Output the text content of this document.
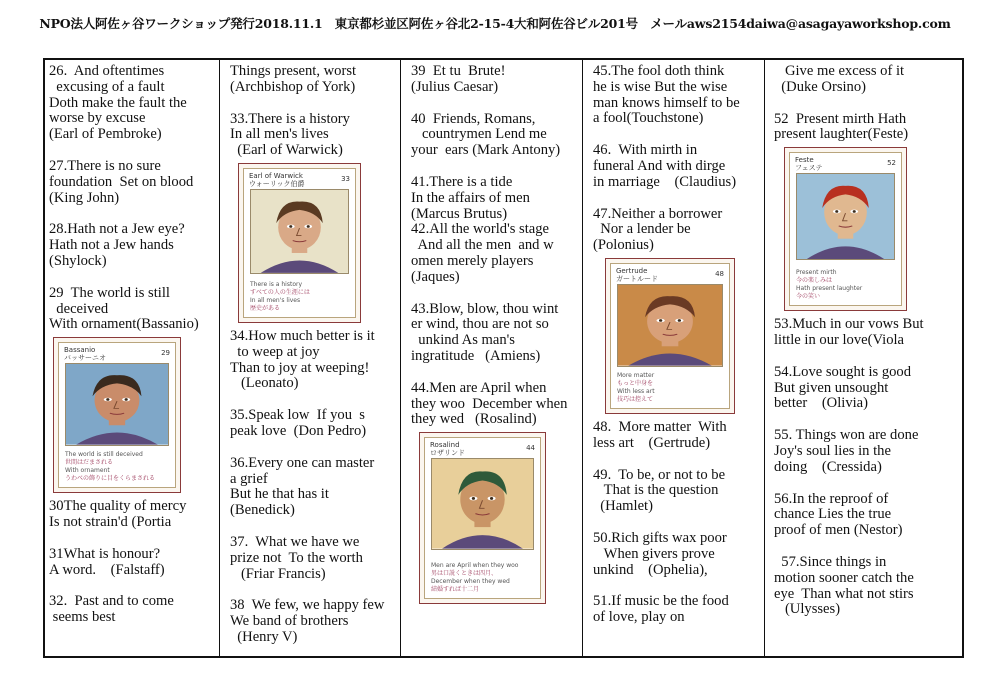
NPO法人阿佐ヶ谷ワークショップ発行2018.11.1　東京都杉並区阿佐ヶ谷北2-15-4大和阿佐谷ビル201号　メールaws2154daiwa@asagayaworkshop.com
26.  And oftentimes
excusing of a fault
Doth make the fault the
worse by excuse
(Earl of Pembroke)
27.There is no sure
foundation  Set on blood
(King John)
28.Hath not a Jew eye?
Hath not a Jew hands
(Shylock)
29  The world is still
deceived
With ornament(Bassanio)
Bassanio
バッサーニオ
29
The world is still deceived
世間はだまされる
With ornament
うわべの飾りに目をくらまされる
30The quality of mercy
Is not strain'd (Portia
31What is honour?
A word.    (Falstaff)
32.  Past and to come
seems best
Things present, worst
(Archbishop of York)
33.There is a history
In all men's lives
(Earl of Warwick)
Earl of Warwick
ウォーリック伯爵
33
There is a history
すべての人の生涯には
In all men's lives
歴史がある
34.How much better is it
to weep at joy
Than to joy at weeping!
(Leonato)
35.Speak low  If you  s
peak love  (Don Pedro)
36.Every one can master
a grief
But he that has it
(Benedick)
37.  What we have we
prize not  To the worth
(Friar Francis)
38  We few, we happy few
We band of brothers
(Henry V)
39  Et tu  Brute!
(Julius Caesar)
40  Friends, Romans,
countrymen Lend me
your  ears (Mark Antony)
41.There is a tide
In the affairs of men
(Marcus Brutus)
42.All the world's stage
And all the men  and w
omen merely players
(Jaques)
43.Blow, blow, thou wint
er wind, thou are not so
unkind As man's
ingratitude   (Amiens)
44.Men are April when
they woo  December when
they wed   (Rosalind)
Rosalind
ロザリンド
44
Men are April when they woo
男は口説くときは四月、
December when they wed
結婚すれば十二月
45.The fool doth think
he is wise But the wise
man knows himself to be
a fool(Touchstone)
46.  With mirth in
funeral And with dirge
in marriage    (Claudius)
47.Neither a borrower
Nor a lender be
(Polonius)
Gertrude
ガートルード
48
More matter
もっと中身を
With less art
技巧は控えて
48.  More matter  With
less art    (Gertrude)
49.  To be, or not to be
That is the question
(Hamlet)
50.Rich gifts wax poor
When givers prove
unkind    (Ophelia),
51.If music be the food
of love, play on
Give me excess of it
(Duke Orsino)
52  Present mirth Hath
present laughter(Feste)
Feste
フェステ
52
Present mirth
今の楽しみは
Hath present laughter
今の笑い
53.Much in our vows But
little in our love(Viola
54.Love sought is good
But given unsought
better    (Olivia)
55. Things won are done
Joy's soul lies in the
doing    (Cressida)
56.In the reproof of
chance Lies the true
proof of men (Nestor)
57.Since things in
motion sooner catch the
eye  Than what not stirs
(Ulysses)
